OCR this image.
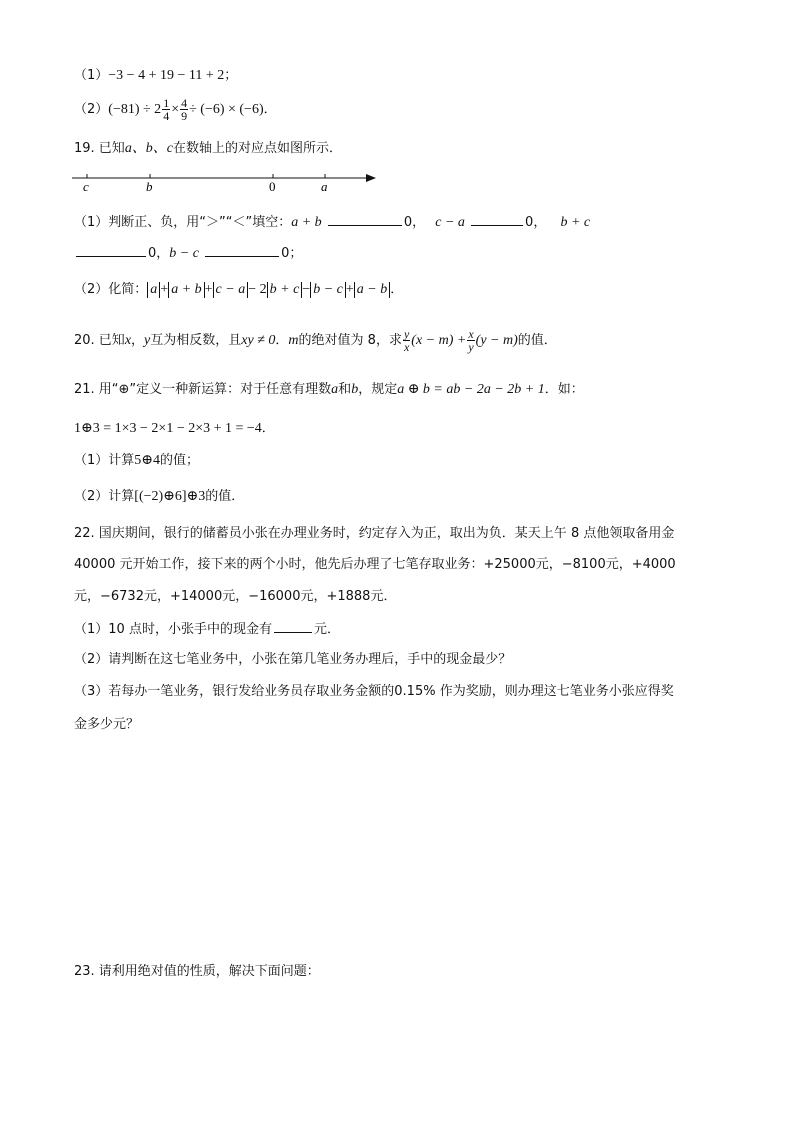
（1）−3 − 4 + 19 − 11 + 2；
$(2)(-81) \div 2 \frac{1}{4} \times \frac{4}{9} \div (-6) \times (-6)$．
19. 已知a、b、c在数轴上的对应点如图所示．
c	b	0	a
（1）判断正、负，用“＞”“＜”填空：a + b	0， c − a	0， b + c
0，b − c	0；
（2）化简： a + a + b + c − a − 2 b + c − b − c + a − b ．
20. 已知x，y互为相反数，且xy ≠ 0．m的绝对值为 8，求 $\frac{y}{x} (x - m) + \frac{x}{y} (y - m)$的值．
21. 用“⊕”定义一种新运算：对于任意有理数a和b，规定a ⊕ b = ab − 2a − 2b + 1．如：
1⊕3 = 1×3 − 2×1 − 2×3 + 1 = −4．
（1）计算5⊕4的值；
（2）计算[(−2)⊕6]⊕3的值．
22. 国庆期间，银行的储蓄员小张在办理业务时，约定存入为正，取出为负．某天上午 8 点他领取备用金
40000 元开始工作，接下来的两个小时，他先后办理了七笔存取业务：+25000元，−8100元，+4000
元，−6732元，+14000元，−16000元，+1888元．
（1）10 点时，小张手中的现金有	元．
（2）请判断在这七笔业务中，小张在第几笔业务办理后，手中的现金最少？
（3）若每办一笔业务，银行发给业务员存取业务金额的0.15% 作为奖励，则办理这七笔业务小张应得奖
金多少元？
23. 请利用绝对值的性质，解决下面问题：
